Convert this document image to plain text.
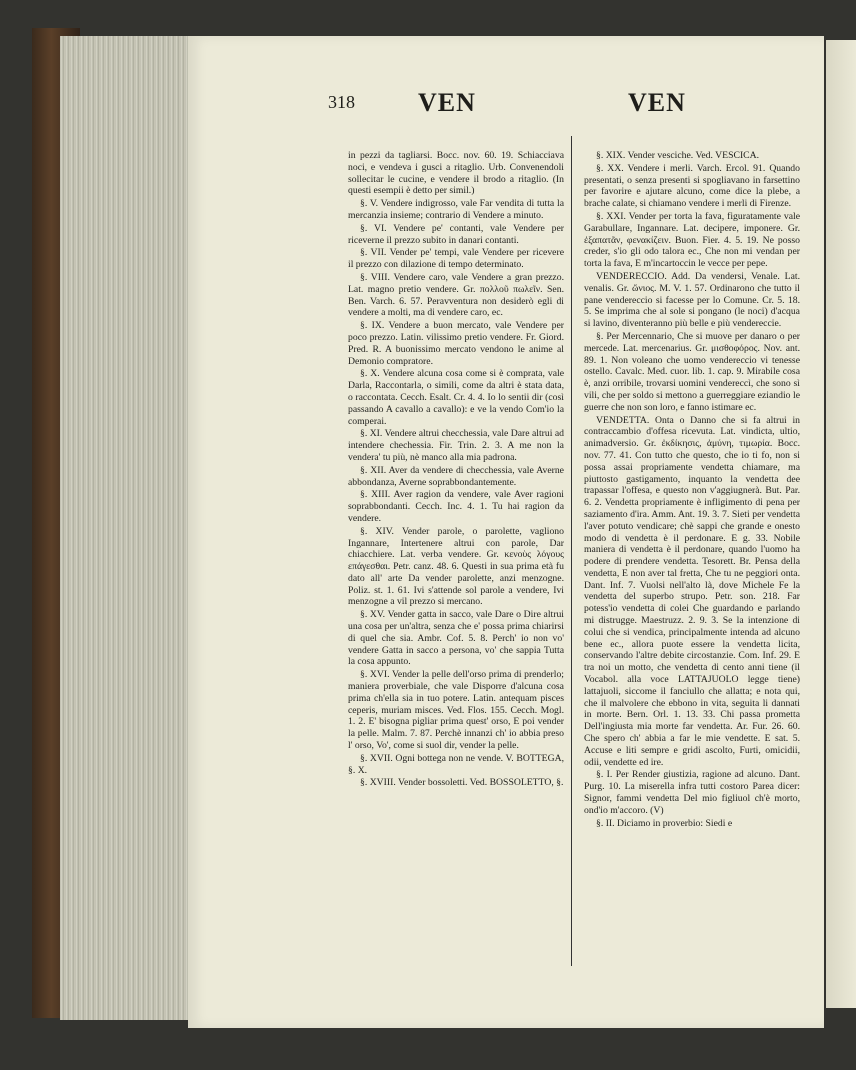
318 VEN	VEN

in pezzi da tagliarsi. Bocc. nov. 60. 19. Schiacciava noci, e vendeva i gusci a ritaglio. Urb. Convenendoli sollecitar le cucine, e vendere il brodo a ritaglio. (In questi esempii è detto per simil.)

§. V. Vendere indigrosso, vale Far vendita di tutta la mercanzia insieme; contrario di Vendere a minuto.

§. VI. Vendere pe' contanti, vale Vendere per riceverne il prezzo subito in danari contanti.

§. VII. Vender pe' tempi, vale Vendere per ricevere il prezzo con dilazione di tempo determinato.

§. VIII. Vendere caro, vale Vendere a gran prezzo. Lat. magno pretio vendere. Gr. πολλοῦ πωλεῖν. Sen. Ben. Varch. 6. 57. Peravventura non desiderò egli di vendere a molti, ma di vendere caro, ec.

§. IX. Vendere a buon mercato, vale Vendere per poco prezzo. Latin. vilissimo pretio vendere. Fr. Giord. Pred. R. A buonissimo mercato vendono le anime al Demonio compratore.

§. X. Vendere alcuna cosa come si è comprata, vale Darla, Raccontarla, o simili, come da altri è stata data, o raccontata. Cecch. Esalt. Cr. 4. 4. Io lo sentii dir (così passando A cavallo a cavallo): e ve la vendo Com'io la comperai.

§. XI. Vendere altrui checchessia, vale Dare altrui ad intendere chechessia. Fir. Trin. 2. 3. A me non la vendera' tu più, nè manco alla mia padrona.

§. XII. Aver da vendere di checchessia, vale Averne abbondanza, Averne soprabbondantemente.

§. XIII. Aver ragion da vendere, vale Aver ragioni soprabbondanti. Cecch. Inc. 4. 1. Tu hai ragion da vendere.

§. XIV. Vender parole, o parolette, vagliono Ingannare, Intertenere altrui con parole, Dar chiacchiere. Lat. verba vendere. Gr. κενοὺς λόγους επάγεσθαι. Petr. canz. 48. 6. Questi in sua prima età fu dato all' arte Da vender parolette, anzi menzogne. Poliz. st. 1. 61. Ivi s'attende sol parole a vendere, Ivi menzogne a vil prezzo si mercano.

§. XV. Vender gatta in sacco, vale Dare o Dire altrui una cosa per un'altra, senza che e' possa prima chiarirsi di quel che sia. Ambr. Cof. 5. 8. Perch' io non vo' vendere Gatta in sacco a persona, vo' che sappia Tutta la cosa appunto.

§. XVI. Vender la pelle dell'orso prima di prenderlo; maniera proverbiale, che vale Disporre d'alcuna cosa prima ch'ella sia in tuo potere. Latin. antequam pisces ceperis, muriam misces. Ved. Flos. 155. Cecch. Mogl. 1. 2. E' bisogna pigliar prima quest' orso, E poi vender la pelle. Malm. 7. 87. Perchè innanzi ch' io abbia preso l' orso, Vo', come si suol dir, vender la pelle.

§. XVII. Ogni bottega non ne vende. V. BOTTEGA, §. X.

§. XVIII. Vender bossoletti. Ved. BOSSOLETTO, §.

§. XIX. Vender vesciche. Ved. VESCICA.

§. XX. Vendere i merli. Varch. Ercol. 91. Quando presentati, o senza presenti si spogliavano in farsettino per favorire e ajutare alcuno, come dice la plebe, a brache calate, si chiamano vendere i merli di Firenze.

§. XXI. Vender per torta la fava, figuratamente vale Garabullare, Ingannare. Lat. decipere, imponere. Gr. ἐξαπατᾶν, φενακίζειν. Buon. Fier. 4. 5. 19. Ne posso creder, s'io gli odo talora ec., Che non mi vendan per torta la fava, E m'incartoccin le vecce per pepe.

VENDERECCIO. Add. Da vendersi, Venale. Lat. venalis. Gr. ὤνιος. M. V. 1. 57. Ordinarono che tutto il pane vendereccio si facesse per lo Comune. Cr. 5. 18. 5. Se imprima che al sole si pongano (le noci) d'acqua si lavino, diventeranno più belle e più vendereccie.

§. Per Mercennario, Che si muove per danaro o per mercede. Lat. mercenarius. Gr. μισθοφόρος. Nov. ant. 89. 1. Non voleano che uomo vendereccio vi tenesse ostello. Cavalc. Med. cuor. lib. 1. cap. 9. Mirabile cosa è, anzi orribile, trovarsi uomini vendereccì, che sono sì vili, che per soldo si mettono a guerreggiare eziandio le guerre che non son loro, e fanno istimare ec.

VENDETTA. Onta o Danno che si fa altrui in contraccambio d'offesa ricevuta. Lat. vindicta, ultio, animadversio. Gr. ἐκδίκησις, ἀμύνη, τιμωρία. Bocc. nov. 77. 41. Con tutto che questo, che io ti fo, non si possa assai propriamente vendetta chiamare, ma piuttosto gastigamento, inquanto la vendetta dee trapassar l'offesa, e questo non v'aggiugnerà. But. Par. 6. 2. Vendetta propriamente è infligimento di pena per saziamento d'ira. Amm. Ant. 19. 3. 7. Sieti per vendetta l'aver potuto vendicare; chè sappi che grande e onesto modo di vendetta è il perdonare. E g. 33. Nobile maniera di vendetta è il perdonare, quando l'uomo ha podere di prendere vendetta. Tesorett. Br. Pensa della vendetta, E non aver tal fretta, Che tu ne peggiori onta. Dant. Inf. 7. Vuolsi nell'alto là, dove Michele Fe la vendetta del superbo strupo. Petr. son. 218. Far potess'io vendetta di colei Che guardando e parlando mi distrugge. Maestruzz. 2. 9. 3. Se la intenzione di colui che si vendica, principalmente intenda ad alcuno bene ec., allora puote essere la vendetta licita, conservando l'altre debite circostanzie. Com. Inf. 29. E tra noi un motto, che vendetta di cento anni tiene (il Vocabol. alla voce LATTAJUOLO legge tiene) lattajuoli, siccome il fanciullo che allatta; e nota qui, che il malvolere che ebbono in vita, seguita li dannati in morte. Bern. Orl. 1. 13. 33. Chi passa prometta Dell'ingiusta mia morte far vendetta. Ar. Fur. 26. 60. Che spero ch' abbia a far le mie vendette. E sat. 5. Accuse e liti sempre e gridi ascolto, Furti, omicidii, odii, vendette ed ire.

§. I. Per Render giustizia, ragione ad alcuno. Dant. Purg. 10. La miserella infra tutti costoro Parea dicer: Signor, fammi vendetta Del mio figliuol ch'è morto, ond'io m'accoro. (V)

§. II. Diciamo in proverbio: Siedi e
